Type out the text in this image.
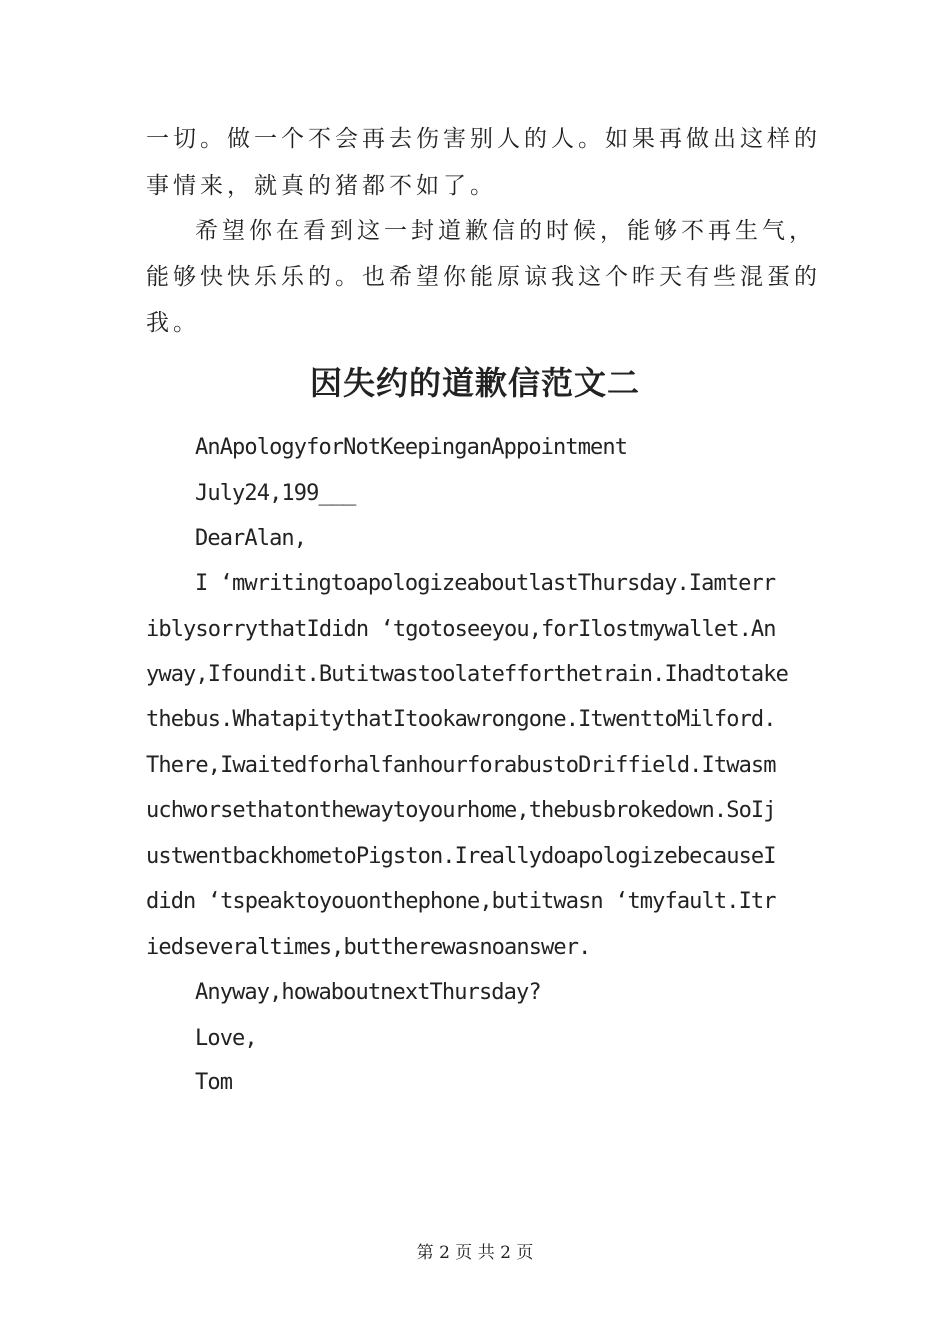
一切。做一个不会再去伤害别人的人。如果再做出这样的
事情来，就真的猪都不如了。
希望你在看到这一封道歉信的时候，能够不再生气，
能够快快乐乐的。也希望你能原谅我这个昨天有些混蛋的
我。
因失约的道歉信范文二
AnApologyforNotKeepinganAppointment
July24,199___
DearAlan,
I ‘mwritingtoapologizeaboutlastThursday.Iamterr
iblysorrythatIdidn ‘tgotoseeyou,forIlostmywallet.An
yway,Ifoundit.Butitwastoolatefforthetrain.Ihadtotake
thebus.WhatapitythatItookawrongone.ItwenttoMilford.
There,IwaitedforhalfanhourforabustoDriffield.Itwasm
uchworsethatonthewaytoyourhome,thebusbrokedown.SoIj
ustwentbackhometoPigston.IreallydoapologizebecauseI
didn ‘tspeaktoyouonthephone,butitwasn ‘tmyfault.Itr
iedseveraltimes,buttherewasnoanswer.
Anyway,howaboutnextThursday?
Love,
Tom
第 2 页 共 2 页
